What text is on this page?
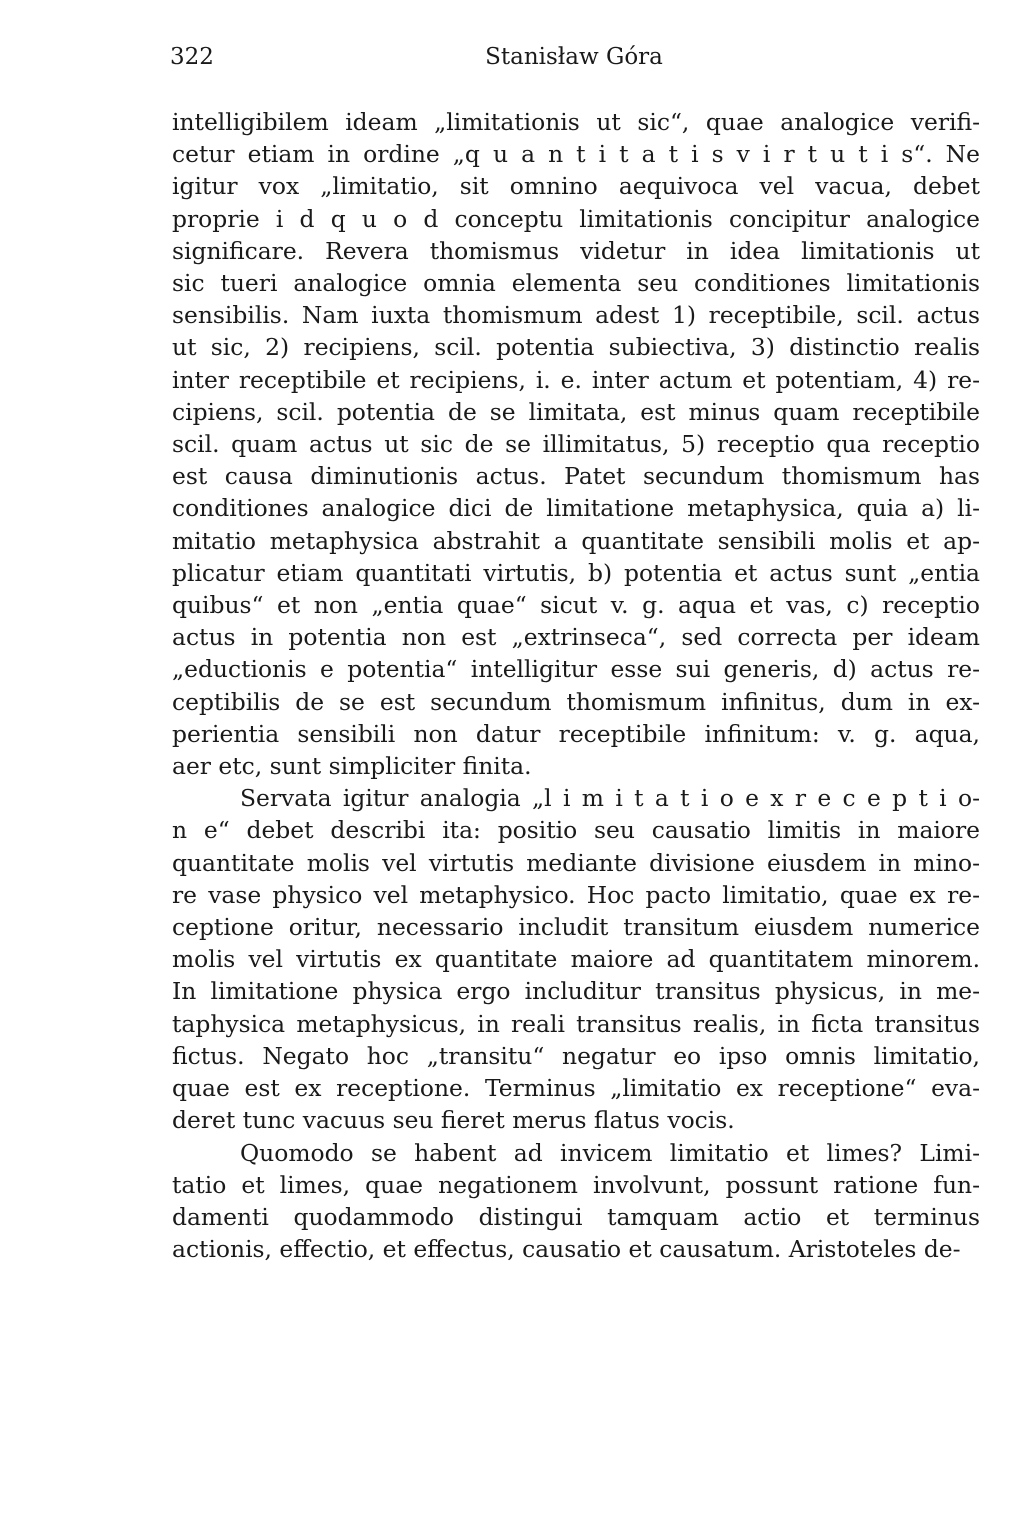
322	Stanisław Góra

intelligibilem ideam „limitationis ut sic“, quae analogice verifi-
cetur etiam in ordine „q u a n t i t a t i s v i r t u t i s“. Ne
igitur vox „limitatio, sit omnino aequivoca vel vacua, debet
proprie i d q u o d conceptu limitationis concipitur analogice
significare. Revera thomismus videtur in idea limitationis ut
sic tueri analogice omnia elementa seu conditiones limitationis
sensibilis. Nam iuxta thomismum adest 1) receptibile, scil. actus
ut sic, 2) recipiens, scil. potentia subiectiva, 3) distinctio realis
inter receptibile et recipiens, i. e. inter actum et potentiam, 4) re-
cipiens, scil. potentia de se limitata, est minus quam receptibile
scil. quam actus ut sic de se illimitatus, 5) receptio qua receptio
est causa diminutionis actus. Patet secundum thomismum has
conditiones analogice dici de limitatione metaphysica, quia a) li-
mitatio metaphysica abstrahit a quantitate sensibili molis et ap-
plicatur etiam quantitati virtutis, b) potentia et actus sunt „entia
quibus“ et non „entia quae“ sicut v. g. aqua et vas, c) receptio
actus in potentia non est „extrinseca“, sed correcta per ideam
„eductionis e potentia“ intelligitur esse sui generis, d) actus re-
ceptibilis de se est secundum thomismum infinitus, dum in ex-
perientia sensibili non datur receptibile infinitum: v. g. aqua,
aer etc, sunt simpliciter finita.

Servata igitur analogia „l i m i t a t i o e x r e c e p t i o-
n e“ debet describi ita: positio seu causatio limitis in maiore
quantitate molis vel virtutis mediante divisione eiusdem in mino-
re vase physico vel metaphysico. Hoc pacto limitatio, quae ex re-
ceptione oritur, necessario includit transitum eiusdem numerice
molis vel virtutis ex quantitate maiore ad quantitatem minorem.
In limitatione physica ergo includitur transitus physicus, in me-
taphysica metaphysicus, in reali transitus realis, in ficta transitus
fictus. Negato hoc „transitu“ negatur eo ipso omnis limitatio,
quae est ex receptione. Terminus „limitatio ex receptione“ eva-
deret tunc vacuus seu fieret merus flatus vocis.

Quomodo se habent ad invicem limitatio et limes? Limi-
tatio et limes, quae negationem involvunt, possunt ratione fun-
damenti quodammodo distingui tamquam actio et terminus
actionis, effectio, et effectus, causatio et causatum. Aristoteles de-
